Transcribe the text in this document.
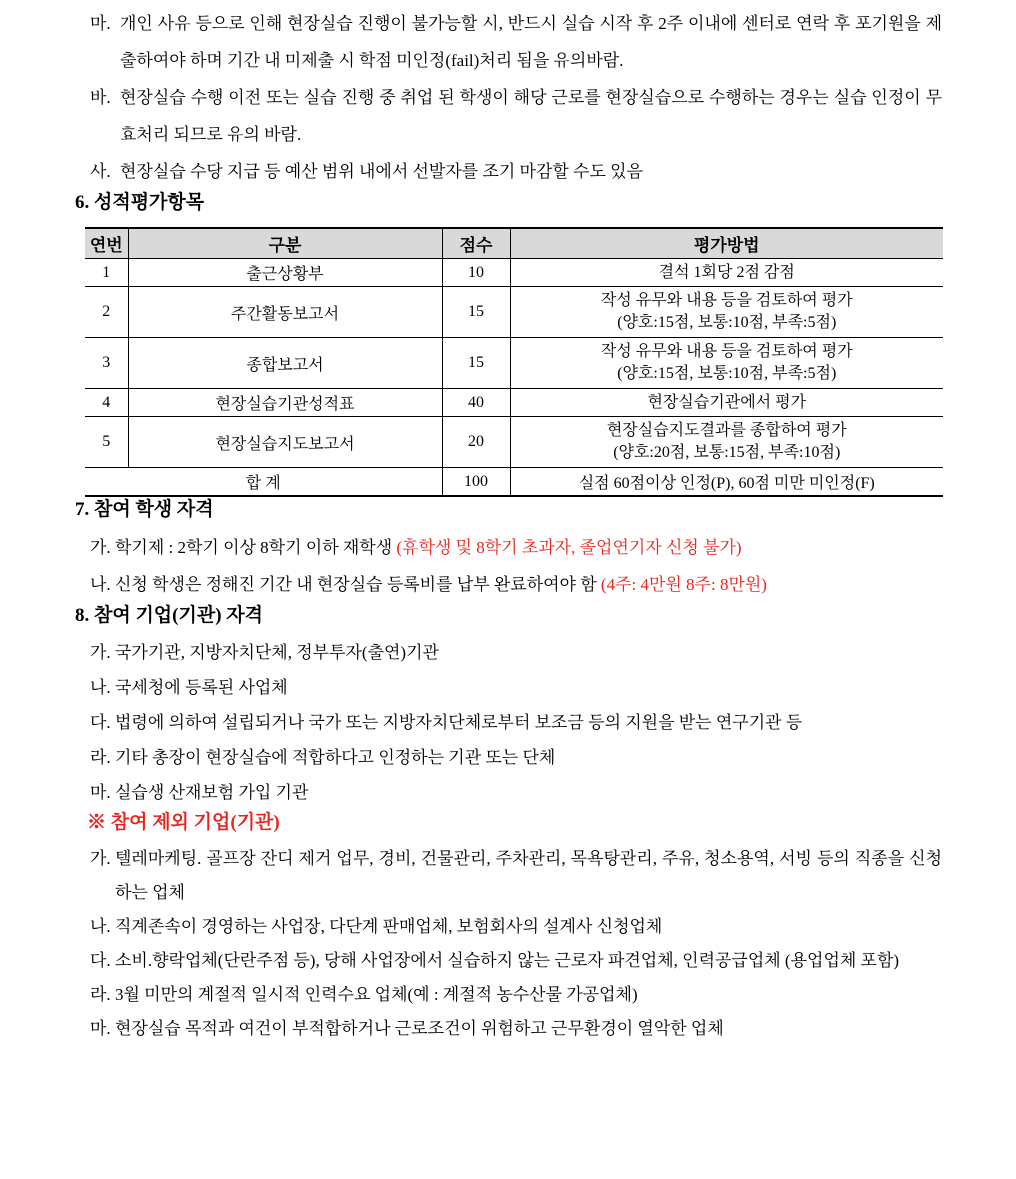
마. 개인 사유 등으로 인해 현장실습 진행이 불가능할 시, 반드시 실습 시작 후 2주 이내에 센터로 연락 후 포기원을 제출하여야 하며 기간 내 미제출 시 학점 미인정(fail)처리 됨을 유의바람.
바. 현장실습 수행 이전 또는 실습 진행 중 취업 된 학생이 해당 근로를 현장실습으로 수행하는 경우는 실습 인정이 무효처리 되므로 유의 바람.
사. 현장실습 수당 지급 등 예산 범위 내에서 선발자를 조기 마감할 수도 있음
6. 성적평가항목
연번	구분	점수	평가방법
1	출근상황부	10	결석 1회당 2점 감점

2	주간활동보고서	15	작성 유무와 내용 등을 검토하여 평가
(양호:15점, 보통:10점, 부족:5점)

3	종합보고서	15	작성 유무와 내용 등을 검토하여 평가
(양호:15점, 보통:10점, 부족:5점)

4	현장실습기관성적표	40	현장실습기관에서 평가

5	현장실습지도보고서	20	현장실습지도결과를 종합하여 평가
(양호:20점, 보통:15점, 부족:10점)

합 계		100	실점 60점이상 인정(P), 60점 미만 미인정(F)
7. 참여 학생 자격
가. 학기제 : 2학기 이상 8학기 이하 재학생 (휴학생 및 8학기 초과자, 졸업연기자 신청 불가)
나. 신청 학생은 정해진 기간 내 현장실습 등록비를 납부 완료하여야 함 (4주: 4만원 8주: 8만원)
8. 참여 기업(기관) 자격
가. 국가기관, 지방자치단체, 정부투자(출연)기관
나. 국세청에 등록된 사업체
다. 법령에 의하여 설립되거나 국가 또는 지방자치단체로부터 보조금 등의 지원을 받는 연구기관 등
라. 기타 총장이 현장실습에 적합하다고 인정하는 기관 또는 단체
마. 실습생 산재보험 가입 기관
※ 참여 제외 기업(기관)
가. 텔레마케팅. 골프장 잔디 제거 업무, 경비, 건물관리, 주차관리, 목욕탕관리, 주유, 청소용역, 서빙 등의 직종을 신청하는 업체
나. 직계존속이 경영하는 사업장, 다단계 판매업체, 보험회사의 설계사 신청업체
다. 소비.향락업체(단란주점 등), 당해 사업장에서 실습하지 않는 근로자 파견업체, 인력공급업체 (용업업체 포함)
라. 3월 미만의 계절적 일시적 인력수요 업체(예 : 계절적 농수산물 가공업체)
마. 현장실습 목적과 여건이 부적합하거나 근로조건이 위험하고 근무환경이 열악한 업체
